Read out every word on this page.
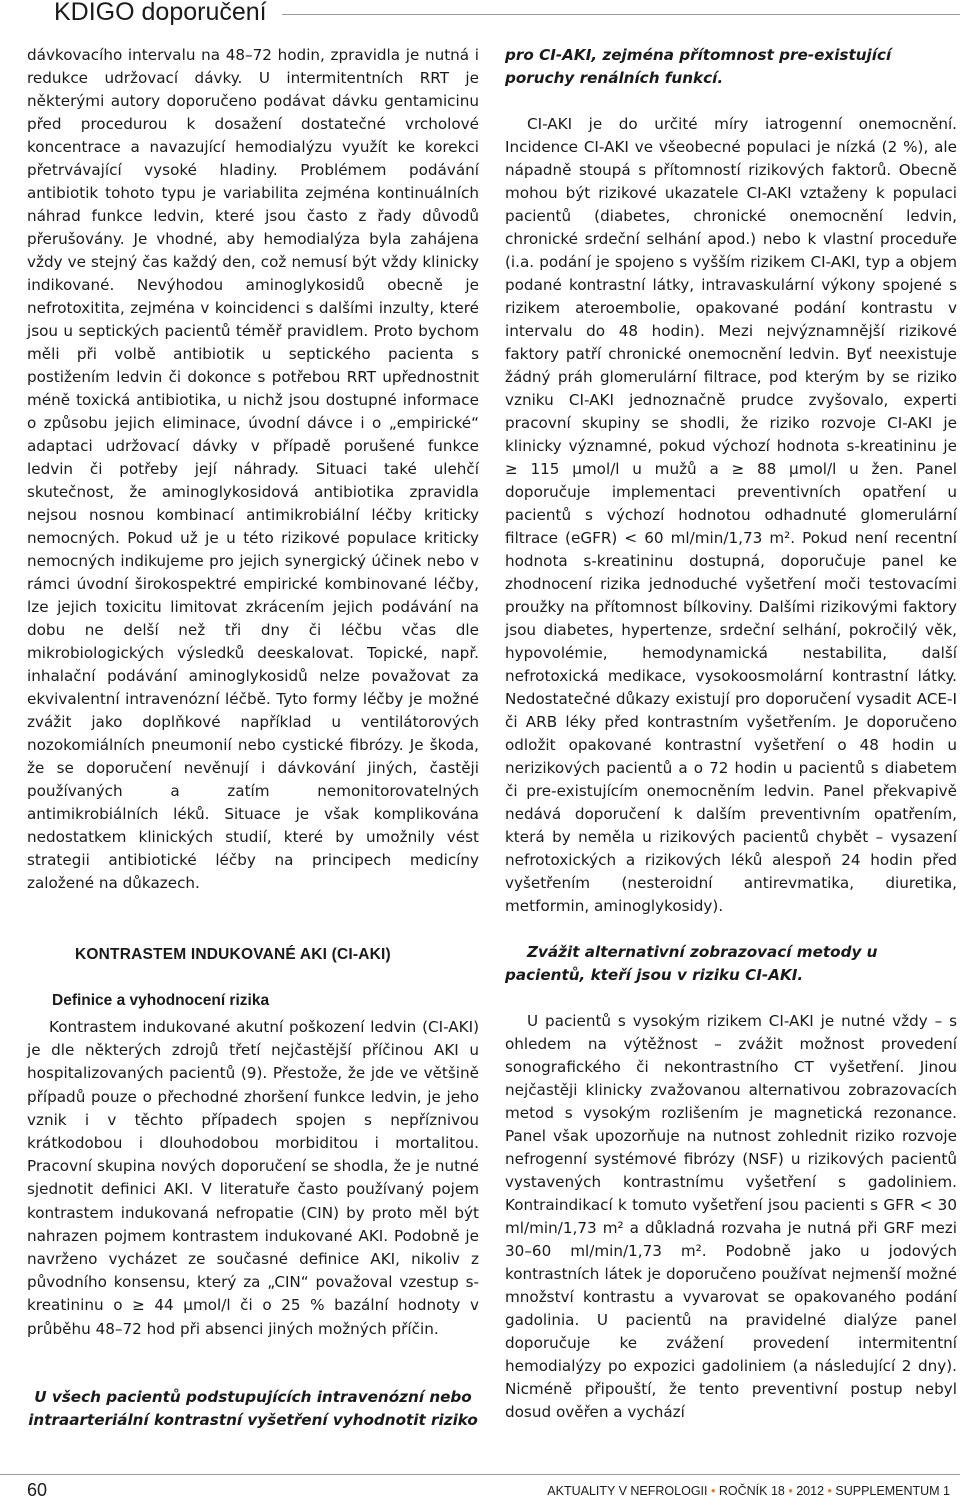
KDIGO doporučení

dávkovacího intervalu na 48–72 hodin, zpravidla je nutná i redukce udržovací dávky. U intermitentních RRT je některými autory doporučeno podávat dávku gentamicinu před procedurou k dosažení dostatečné vrcholové koncentrace a navazující hemodialýzu využít ke korekci přetrvávající vysoké hladiny. Problémem podávání antibiotik tohoto typu je variabilita zejména kontinuálních náhrad funkce ledvin, které jsou často z řady důvodů přerušovány. Je vhodné, aby hemodialýza byla zahájena vždy ve stejný čas každý den, což nemusí být vždy klinicky indikované. Nevýhodou aminoglykosidů obecně je nefrotoxitita, zejména v koincidenci s dalšími inzulty, které jsou u septických pacientů téměř pravidlem. Proto bychom měli při volbě antibiotik u septického pacienta s postižením ledvin či dokonce s potřebou RRT upřednostnit méně toxická antibiotika, u nichž jsou dostupné informace o způsobu jejich eliminace, úvodní dávce i o „empirické“ adaptaci udržovací dávky v případě porušené funkce ledvin či potřeby její náhrady. Situaci také ulehčí skutečnost, že aminoglykosidová antibiotika zpravidla nejsou nosnou kombinací antimikrobiální léčby kriticky nemocných. Pokud už je u této rizikové populace kriticky nemocných indikujeme pro jejich synergický účinek nebo v rámci úvodní širokospektré empirické kombinované léčby, lze jejich toxicitu limitovat zkrácením jejich podávání na dobu ne delší než tři dny či léčbu včas dle mikrobiologických výsledků deeskalovat. Topické, např. inhalační podávání aminoglykosidů nelze považovat za ekvivalentní intravenózní léčbě. Tyto formy léčby je možné zvážit jako doplňkové například u ventilátorových nozokomiálních pneumonií nebo cystické fibrózy. Je škoda, že se doporučení nevěnují i dávkování jiných, častěji používaných a zatím nemonitorovatelných antimikrobiálních léků. Situace je však komplikována nedostatkem klinických studií, které by umožnily vést strategii antibiotické léčby na principech medicíny založené na důkazech.

KONTRASTEM INDUKOVANÉ AKI (CI-AKI)
Definice a vyhodnocení rizika

Kontrastem indukované akutní poškození ledvin (CI-AKI) je dle některých zdrojů třetí nejčastější příčinou AKI u hospitalizovaných pacientů (9). Přestože, že jde ve většině případů pouze o přechodné zhoršení funkce ledvin, je jeho vznik i v těchto případech spojen s nepříznivou krátkodobou i dlouhodobou morbiditou i mortalitou. Pracovní skupina nových doporučení se shodla, že je nutné sjednotit definici AKI. V literatuře často používaný pojem kontrastem indukovaná nefropatie (CIN) by proto měl být nahrazen pojmem kontrastem indukované AKI. Podobně je navrženo vycházet ze současné definice AKI, nikoliv z původního konsensu, který za „CIN“ považoval vzestup s-kreatininu o ≥ 44 µmol/l či o 25 % bazální hodnoty v průběhu 48–72 hod při absenci jiných možných příčin.

U všech pacientů podstupujících intravenózní nebo intraarteriální kontrastní vyšetření vyhodnotit riziko

pro CI-AKI, zejména přítomnost pre-existující poruchy renálních funkcí.

CI-AKI je do určité míry iatrogenní onemocnění. Incidence CI-AKI ve všeobecné populaci je nízká (2 %), ale nápadně stoupá s přítomností rizikových faktorů. Obecně mohou být rizikové ukazatele CI-AKI vztaženy k populaci pacientů (diabetes, chronické onemocnění ledvin, chronické srdeční selhání apod.) nebo k vlastní proceduře (i.a. podání je spojeno s vyšším rizikem CI-AKI, typ a objem podané kontrastní látky, intravaskulární výkony spojené s rizikem ateroembolie, opakované podání kontrastu v intervalu do 48 hodin). Mezi nejvýznamnější rizikové faktory patří chronické onemocnění ledvin. Byť neexistuje žádný práh glomerulární filtrace, pod kterým by se riziko vzniku CI-AKI jednoznačně prudce zvyšovalo, experti pracovní skupiny se shodli, že riziko rozvoje CI-AKI je klinicky významné, pokud výchozí hodnota s-kreatininu je ≥ 115 µmol/l u mužů a ≥ 88 µmol/l u žen. Panel doporučuje implementaci preventivních opatření u pacientů s výchozí hodnotou odhadnuté glomerulární filtrace (eGFR) < 60 ml/min/1,73 m². Pokud není recentní hodnota s-kreatininu dostupná, doporučuje panel ke zhodnocení rizika jednoduché vyšetření moči testovacími proužky na přítomnost bílkoviny. Dalšími rizikovými faktory jsou diabetes, hypertenze, srdeční selhání, pokročilý věk, hypovolémie, hemodynamická nestabilita, další nefrotoxická medikace, vysokoosmolární kontrastní látky. Nedostatečné důkazy existují pro doporučení vysadit ACE-I či ARB léky před kontrastním vyšetřením. Je doporučeno odložit opakované kontrastní vyšetření o 48 hodin u nerizikových pacientů a o 72 hodin u pacientů s diabetem či pre-existujícím onemocněním ledvin. Panel překvapivě nedává doporučení k dalším preventivním opatřením, která by neměla u rizikových pacientů chybět – vysazení nefrotoxických a rizikových léků alespoň 24 hodin před vyšetřením (nesteroidní antirevmatika, diuretika, metformin, aminoglykosidy).

Zvážit alternativní zobrazovací metody u pacientů, kteří jsou v riziku CI-AKI.

U pacientů s vysokým rizikem CI-AKI je nutné vždy – s ohledem na výtěžnost – zvážit možnost provedení sonografického či nekontrastního CT vyšetření. Jinou nejčastěji klinicky zvažovanou alternativou zobrazovacích metod s vysokým rozlišením je magnetická rezonance. Panel však upozorňuje na nutnost zohlednit riziko rozvoje nefrogenní systémové fibrózy (NSF) u rizikových pacientů vystavených kontrastnímu vyšetření s gadoliniem. Kontraindikací k tomuto vyšetření jsou pacienti s GFR < 30 ml/min/1,73 m² a důkladná rozvaha je nutná při GRF mezi 30–60 ml/min/1,73 m². Podobně jako u jodových kontrastních látek je doporučeno používat nejmenší možné množství kontrastu a vyvarovat se opakovaného podání gadolinia. U pacientů na pravidelné dialýze panel doporučuje ke zvážení provedení intermitentní hemodialýzy po expozici gadoliniem (a následující 2 dny). Nicméně připouští, že tento preventivní postup nebyl dosud ověřen a vychází

60	AKTUALITY V NEFROLOGII • ROČNÍK 18 • 2012 • SUPPLEMENTUM 1
